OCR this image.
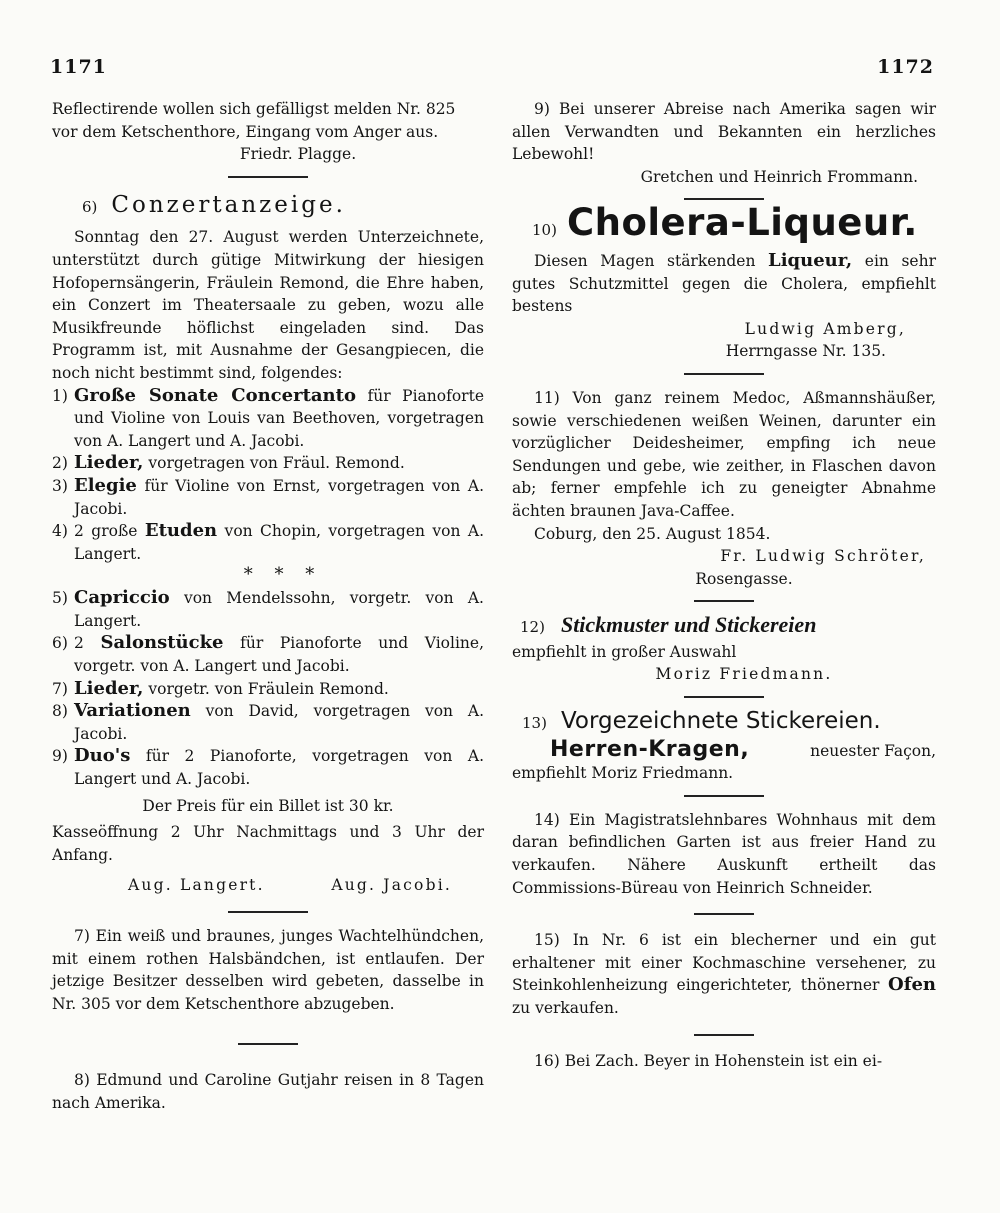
1171	1172

Reflectirende wollen sich gefälligst melden Nr. 825

vor dem Ketschenthore, Eingang vom Anger aus.

Friedr. Plagge.

6) Conzertanzeige.

Sonntag den 27. August werden Unterzeichnete, unterstützt durch gütige Mitwirkung der hiesigen Hofopernsängerin, Fräulein Remond, die Ehre haben, ein Conzert im Theatersaale zu geben, wozu alle Musikfreunde höflichst eingeladen sind. Das Programm ist, mit Ausnahme der Gesangpiecen, die noch nicht bestimmt sind, folgendes:

1) Große Sonate Concertanto für Pianoforte und Violine von Louis van Beethoven, vorgetragen von A. Langert und A. Jacobi.

2) Lieder, vorgetragen von Fräul. Remond.

3) Elegie für Violine von Ernst, vorgetragen von A. Jacobi.

4) 2 große Etuden von Chopin, vorgetragen von A. Langert.

* * *

5) Capriccio von Mendelssohn, vorgetr. von A. Langert.

6) 2 Salonstücke für Pianoforte und Violine, vorgetr. von A. Langert und Jacobi.

7) Lieder, vorgetr. von Fräulein Remond.

8) Variationen von David, vorgetragen von A. Jacobi.

9) Duo's für 2 Pianoforte, vorgetragen von A. Langert und A. Jacobi.

Der Preis für ein Billet ist 30 kr.

Kasseöffnung 2 Uhr Nachmittags und 3 Uhr der Anfang.

Aug. Langert.	Aug. Jacobi.

7) Ein weiß und braunes, junges Wachtelhündchen, mit einem rothen Halsbändchen, ist entlaufen. Der jetzige Besitzer desselben wird gebeten, dasselbe in Nr. 305 vor dem Ketschenthore abzugeben.

8) Edmund und Caroline Gutjahr reisen in 8 Tagen nach Amerika.

9) Bei unserer Abreise nach Amerika sagen wir allen Verwandten und Bekannten ein herzliches Lebewohl!

Gretchen und Heinrich Frommann.

10) Cholera-Liqueur.

Diesen Magen stärkenden Liqueur, ein sehr gutes Schutzmittel gegen die Cholera, empfiehlt bestens

Ludwig Amberg,

Herrngasse Nr. 135.

11) Von ganz reinem Medoc, Aßmannshäußer, sowie verschiedenen weißen Weinen, darunter ein vorzüglicher Deidesheimer, empfing ich neue Sendungen und gebe, wie zeither, in Flaschen davon ab; ferner empfehle ich zu geneigter Abnahme ächten braunen Java-Caffee.

Coburg, den 25. August 1854.

Fr. Ludwig Schröter,

Rosengasse.

12) Stickmuster und Stickereien

empfiehlt in großer Auswahl

Moriz Friedmann.

13) Vorgezeichnete Stickereien.

Herren-Kragen,	neuester Façon,

empfiehlt Moriz Friedmann.

14) Ein Magistratslehnbares Wohnhaus mit dem daran befindlichen Garten ist aus freier Hand zu verkaufen. Nähere Auskunft ertheilt das Commissions-Büreau von Heinrich Schneider.

15) In Nr. 6 ist ein blecherner und ein gut erhaltener mit einer Kochmaschine versehener, zu Steinkohlenheizung eingerichteter, thönerner Ofen zu verkaufen.

16) Bei Zach. Beyer in Hohenstein ist ein ei-
